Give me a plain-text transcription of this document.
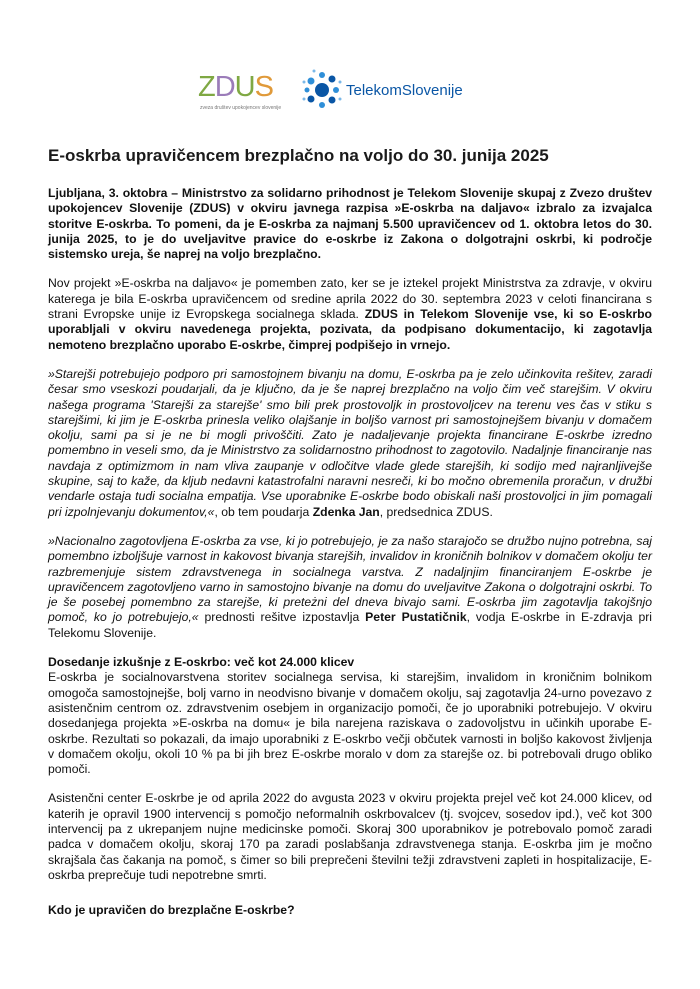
ZDUS
zveza društev upokojencev slovenije
TelekomSlovenije
E-oskrba upravičencem brezplačno na voljo do 30. junija 2025

Ljubljana, 3. oktobra – Ministrstvo za solidarno prihodnost je Telekom Slovenije skupaj z Zvezo društev upokojencev Slovenije (ZDUS) v okviru javnega razpisa »E-oskrba na daljavo« izbralo za izvajalca storitve E-oskrba. To pomeni, da je E-oskrba za najmanj 5.500 upravičencev od 1. oktobra letos do 30. junija 2025, to je do uveljavitve pravice do e-oskrbe iz Zakona o dolgotrajni oskrbi, ki področje sistemsko ureja, še naprej na voljo brezplačno.

Nov projekt »E-oskrba na daljavo« je pomemben zato, ker se je iztekel projekt Ministrstva za zdravje, v okviru katerega je bila E-oskrba upravičencem od sredine aprila 2022 do 30. septembra 2023 v celoti financirana s strani Evropske unije iz Evropskega socialnega sklada. ZDUS in Telekom Slovenije vse, ki so E-oskrbo uporabljali v okviru navedenega projekta, pozivata, da podpisano dokumentacijo, ki zagotavlja nemoteno brezplačno uporabo E-oskrbe, čimprej podpišejo in vrnejo.

»Starejši potrebujejo podporo pri samostojnem bivanju na domu, E-oskrba pa je zelo učinkovita rešitev, zaradi česar smo vseskozi poudarjali, da je ključno, da je še naprej brezplačno na voljo čim več starejšim. V okviru našega programa 'Starejši za starejše' smo bili prek prostovoljk in prostovoljcev na terenu ves čas v stiku s starejšimi, ki jim je E-oskrba prinesla veliko olajšanje in boljšo varnost pri samostojnejšem bivanju v domačem okolju, sami pa si je ne bi mogli privoščiti. Zato je nadaljevanje projekta financirane E-oskrbe izredno pomembno in veseli smo, da je Ministrstvo za solidarnostno prihodnost to zagotovilo. Nadaljnje financiranje nas navdaja z optimizmom in nam vliva zaupanje v odločitve vlade glede starejših, ki sodijo med najranljivejše skupine, saj to kaže, da kljub nedavni katastrofalni naravni nesreči, ki bo močno obremenila proračun, v družbi vendarle ostaja tudi socialna empatija. Vse uporabnike E-oskrbe bodo obiskali naši prostovoljci in jim pomagali pri izpolnjevanju dokumentov,«, ob tem poudarja Zdenka Jan, predsednica ZDUS.

»Nacionalno zagotovljena E-oskrba za vse, ki jo potrebujejo, je za našo starajočo se družbo nujno potrebna, saj pomembno izboljšuje varnost in kakovost bivanja starejših, invalidov in kroničnih bolnikov v domačem okolju ter razbremenjuje sistem zdravstvenega in socialnega varstva. Z nadaljnjim financiranjem E-oskrbe je upravičencem zagotovljeno varno in samostojno bivanje na domu do uveljavitve Zakona o dolgotrajni oskrbi. To je še posebej pomembno za starejše, ki preteżni del dneva bivajo sami. E-oskrba jim zagotavlja takojšnjo pomoč, ko jo potrebujejo,« prednosti rešitve izpostavlja Peter Pustatičnik, vodja E-oskrbe in E-zdravja pri Telekomu Slovenije.

Dosedanje izkušnje z E-oskrbo: več kot 24.000 klicev

E-oskrba je socialnovarstvena storitev socialnega servisa, ki starejšim, invalidom in kroničnim bolnikom omogoča samostojnejše, bolj varno in neodvisno bivanje v domačem okolju, saj zagotavlja 24-urno povezavo z asistenčnim centrom oz. zdravstvenim osebjem in organizacijo pomoči, če jo uporabniki potrebujejo. V okviru dosedanjega projekta »E-oskrba na domu« je bila narejena raziskava o zadovoljstvu in učinkih uporabe E-oskrbe. Rezultati so pokazali, da imajo uporabniki z E-oskrbo večji občutek varnosti in boljšo kakovost življenja v domačem okolju, okoli 10 % pa bi jih brez E-oskrbe moralo v dom za starejše oz. bi potrebovali drugo obliko pomoči.

Asistenčni center E-oskrbe je od aprila 2022 do avgusta 2023 v okviru projekta prejel več kot 24.000 klicev, od katerih je opravil 1900 intervencij s pomočjo neformalnih oskrbovalcev (tj. svojcev, sosedov ipd.), več kot 300 intervencij pa z ukrepanjem nujne medicinske pomoči. Skoraj 300 uporabnikov je potrebovalo pomoč zaradi padca v domačem okolju, skoraj 170 pa zaradi poslabšanja zdravstvenega stanja. E-oskrba jim je močno skrajšala čas čakanja na pomoč, s čimer so bili preprečeni številni težji zdravstveni zapleti in hospitalizacije, E-oskrba preprečuje tudi nepotrebne smrti.

Kdo je upravičen do brezplačne E-oskrbe?
